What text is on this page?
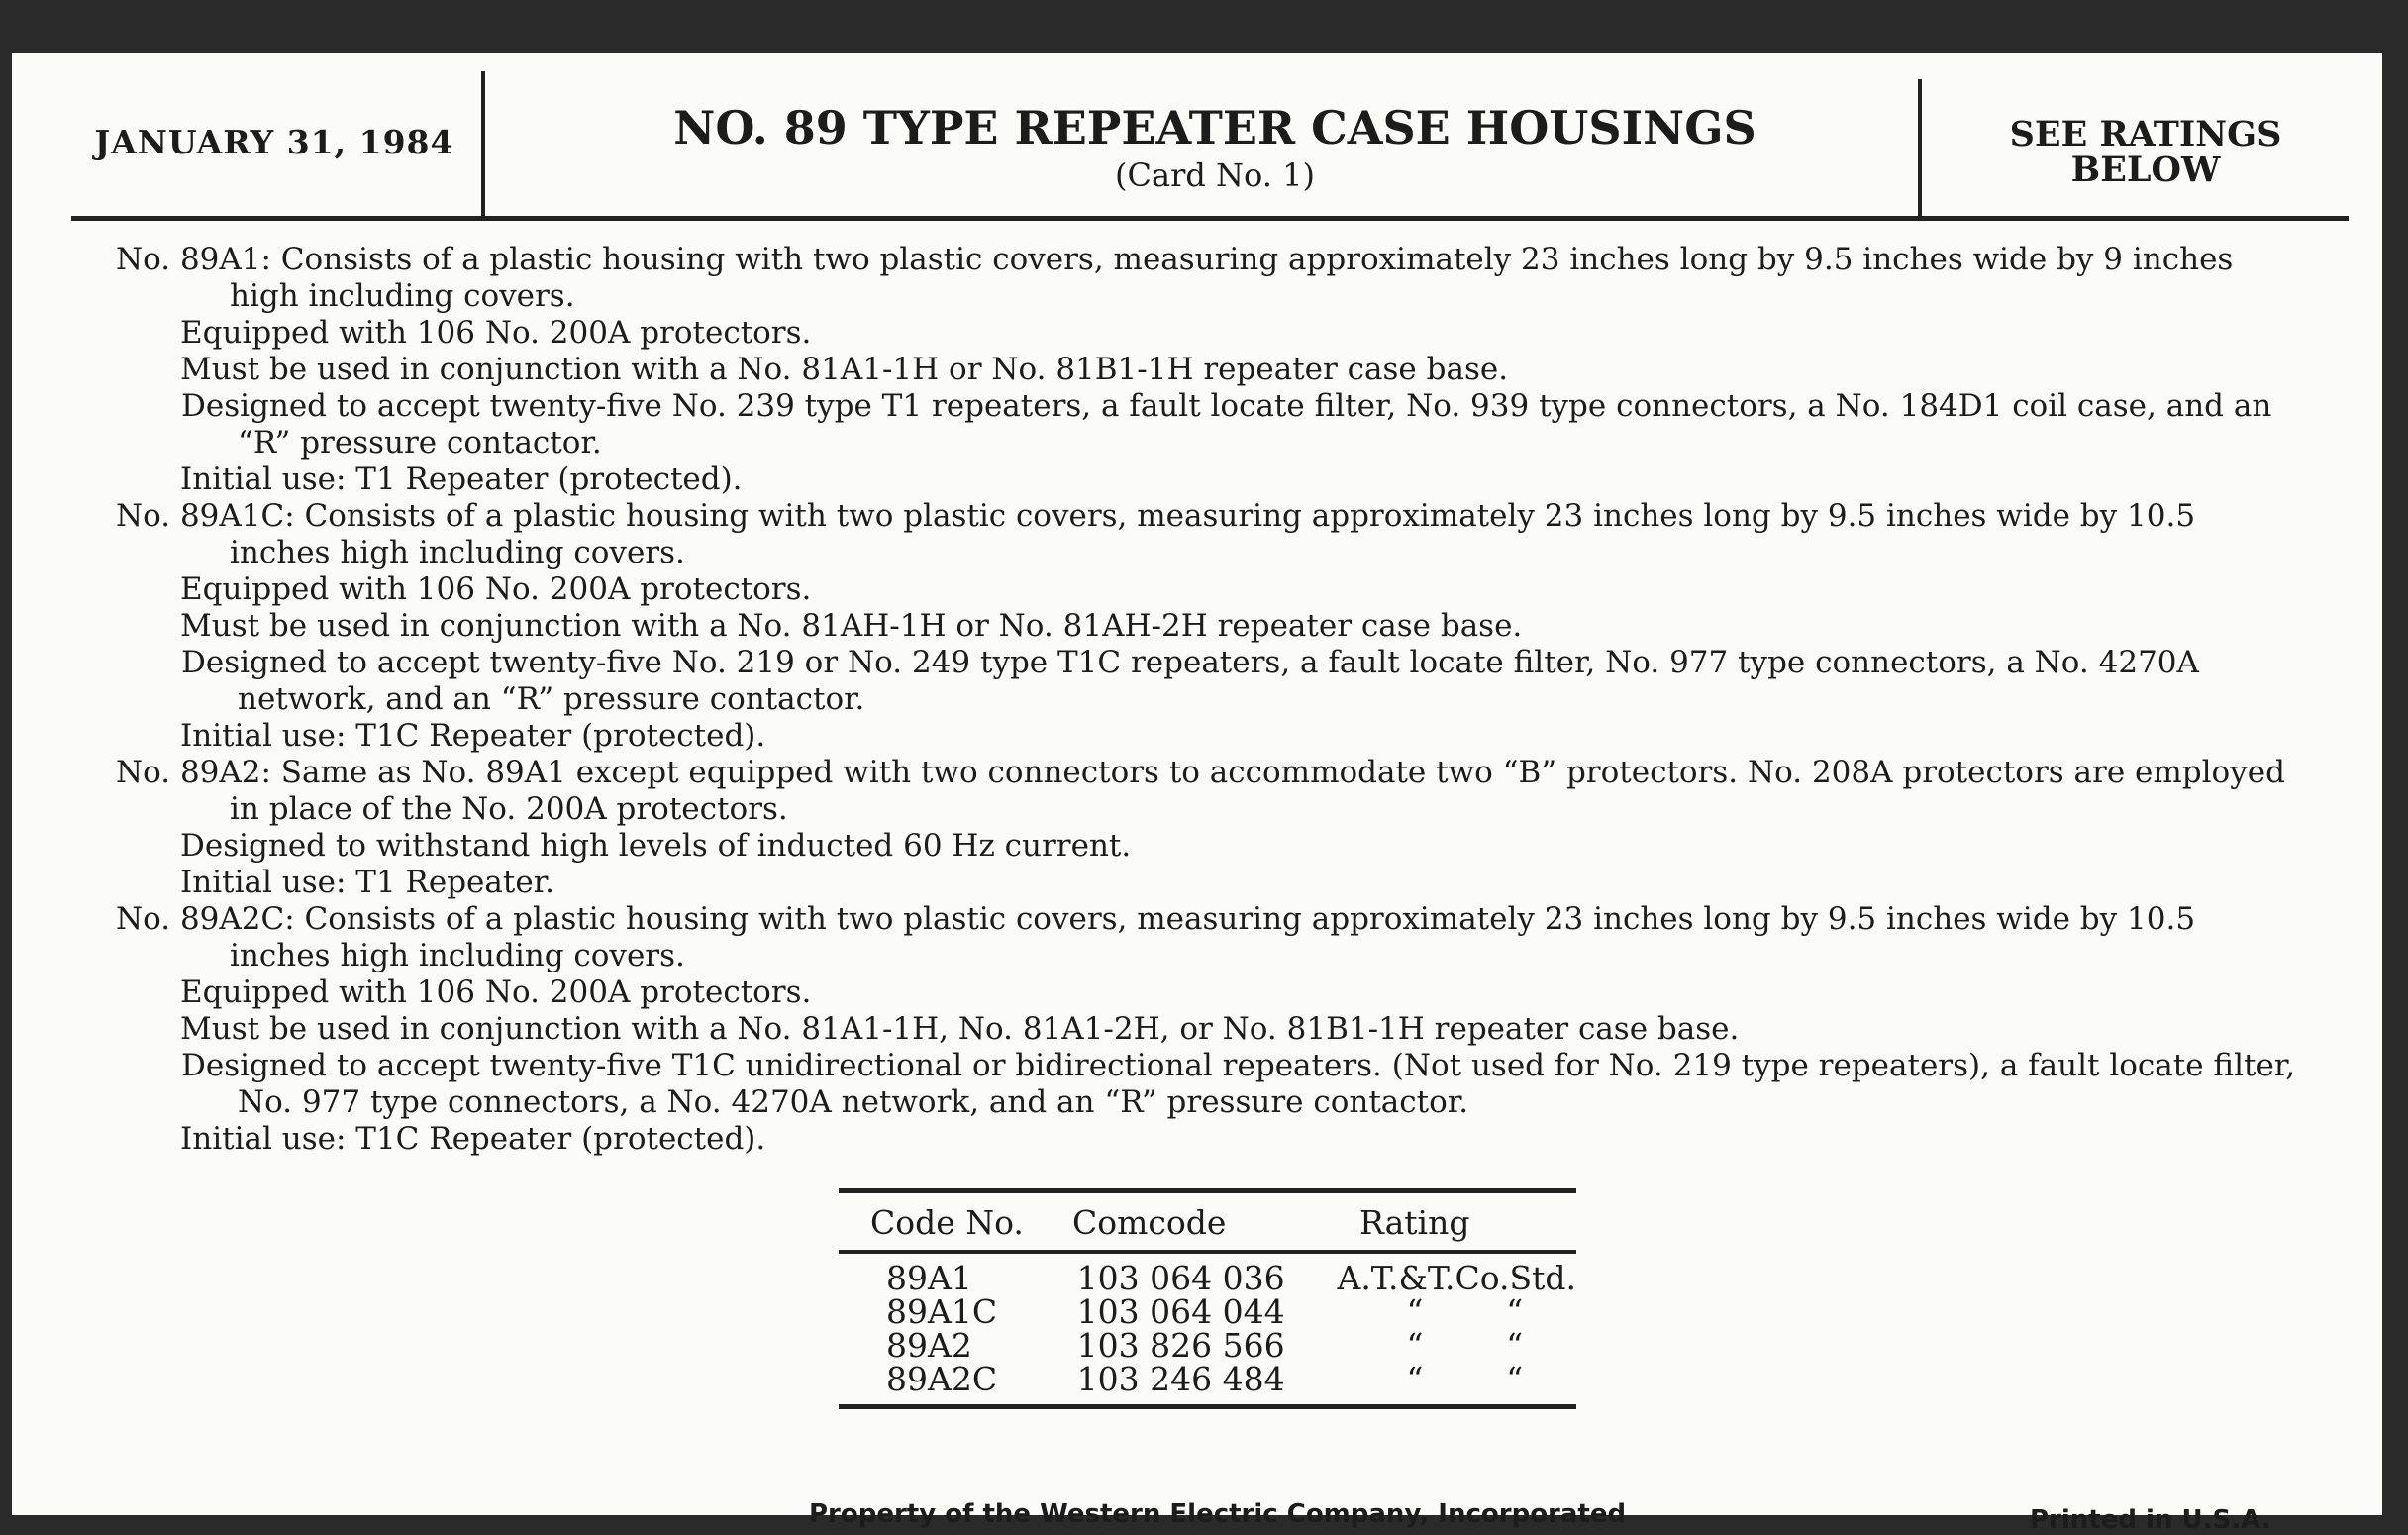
JANUARY 31, 1984	NO. 89 TYPE REPEATER CASE HOUSINGS
(Card No. 1)
SEE RATINGS BELOW
No. 89A1: Consists of a plastic housing with two plastic covers, measuring approximately 23 inches long by 9.5 inches wide by 9 inches high including covers.
Equipped with 106 No. 200A protectors.
Must be used in conjunction with a No. 81A1-1H or No. 81B1-1H repeater case base.
Designed to accept twenty-five No. 239 type T1 repeaters, a fault locate filter, No. 939 type connectors, a No. 184D1 coil case, and an “R” pressure contactor.
Initial use: T1 Repeater (protected).
No. 89A1C: Consists of a plastic housing with two plastic covers, measuring approximately 23 inches long by 9.5 inches wide by 10.5 inches high including covers.
Equipped with 106 No. 200A protectors.
Must be used in conjunction with a No. 81AH-1H or No. 81AH-2H repeater case base.
Designed to accept twenty-five No. 219 or No. 249 type T1C repeaters, a fault locate filter, No. 977 type connectors, a No. 4270A network, and an “R” pressure contactor.
Initial use: T1C Repeater (protected).
No. 89A2: Same as No. 89A1 except equipped with two connectors to accommodate two “B” protectors. No. 208A protectors are employed in place of the No. 200A protectors.
Designed to withstand high levels of inducted 60 Hz current.
Initial use: T1 Repeater.
No. 89A2C: Consists of a plastic housing with two plastic covers, measuring approximately 23 inches long by 9.5 inches wide by 10.5 inches high including covers.
Equipped with 106 No. 200A protectors.
Must be used in conjunction with a No. 81A1-1H, No. 81A1-2H, or No. 81B1-1H repeater case base.
Designed to accept twenty-five T1C unidirectional or bidirectional repeaters. (Not used for No. 219 type repeaters), a fault locate filter, No. 977 type connectors, a No. 4270A network, and an “R” pressure contactor.
Initial use: T1C Repeater (protected).
Code No.	Comcode	Rating
89A1	103 064 036	A.T.&T.Co.Std.
89A1C	103 064 044	“        “
89A2	103 826 566	“        “
89A2C	103 246 484	“        “
Property of the Western Electric Company, Incorporated	Printed in U.S.A.
